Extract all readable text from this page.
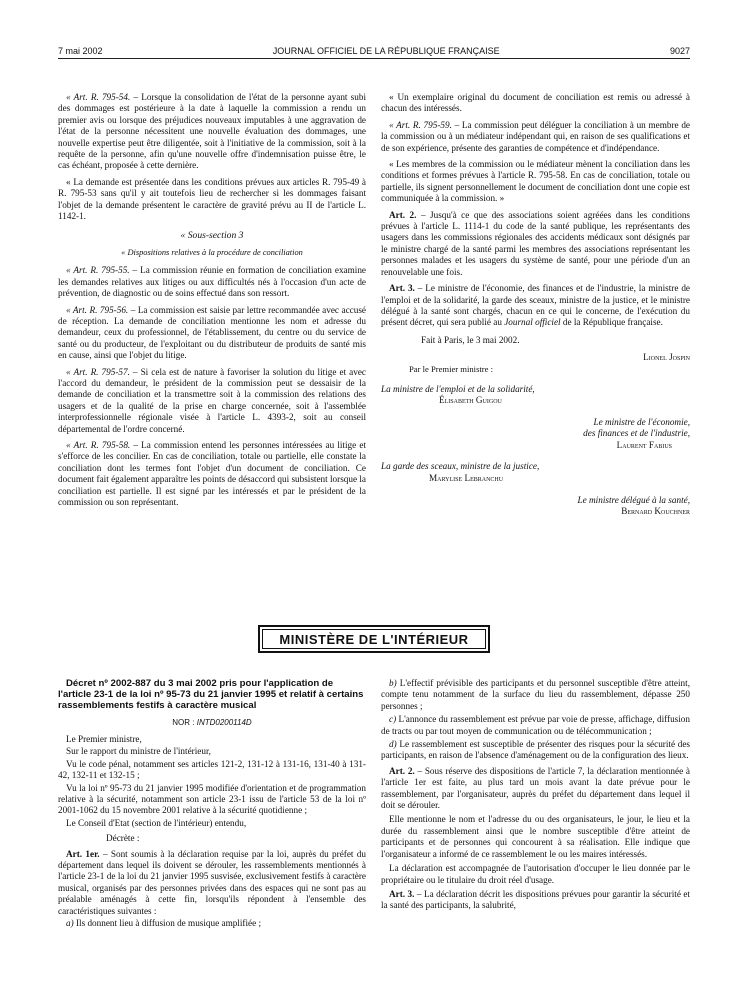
7 mai 2002	JOURNAL OFFICIEL DE LA RÉPUBLIQUE FRANÇAISE	9027

« Art. R. 795-54. – Lorsque la consolidation de l'état de la personne ayant subi des dommages est postérieure à la date à laquelle la commission a rendu un premier avis ou lorsque des préjudices nouveaux imputables à une aggravation de l'état de la personne nécessitent une nouvelle évaluation des dommages, une nouvelle expertise peut être diligentée, soit à l'initiative de la commission, soit à la requête de la personne, afin qu'une nouvelle offre d'indemnisation puisse être, le cas échéant, proposée à cette dernière.

« La demande est présentée dans les conditions prévues aux articles R. 795-49 à R. 795-53 sans qu'il y ait toutefois lieu de rechercher si les dommages faisant l'objet de la demande présentent le caractère de gravité prévu au II de l'article L. 1142-1.

« Sous-section 3

« Dispositions relatives à la procédure de conciliation

« Art. R. 795-55. – La commission réunie en formation de conciliation examine les demandes relatives aux litiges ou aux difficultés nés à l'occasion d'un acte de prévention, de diagnostic ou de soins effectué dans son ressort.

« Art. R. 795-56. – La commission est saisie par lettre recommandée avec accusé de réception. La demande de conciliation mentionne les nom et adresse du demandeur, ceux du professionnel, de l'établissement, du centre ou du service de santé ou du producteur, de l'exploitant ou du distributeur de produits de santé mis en cause, ainsi que l'objet du litige.

« Art. R. 795-57. – Si cela est de nature à favoriser la solution du litige et avec l'accord du demandeur, le président de la commission peut se dessaisir de la demande de conciliation et la transmettre soit à la commission des relations des usagers et de la qualité de la prise en charge concernée, soit à l'assemblée interprofessionnelle régionale visée à l'article L. 4393-2, soit au conseil départemental de l'ordre concerné.

« Art. R. 795-58. – La commission entend les personnes intéressées au litige et s'efforce de les concilier. En cas de conciliation, totale ou partielle, elle constate la conciliation dont les termes font l'objet d'un document de conciliation. Ce document fait également apparaître les points de désaccord qui subsistent lorsque la conciliation est partielle. Il est signé par les intéressés et par le président de la commission ou son représentant.

« Un exemplaire original du document de conciliation est remis ou adressé à chacun des intéressés.

« Art. R. 795-59. – La commission peut déléguer la conciliation à un membre de la commission ou à un médiateur indépendant qui, en raison de ses qualifications et de son expérience, présente des garanties de compétence et d'indépendance.

« Les membres de la commission ou le médiateur mènent la conciliation dans les conditions et formes prévues à l'article R. 795-58. En cas de conciliation, totale ou partielle, ils signent personnellement le document de conciliation dont une copie est communiquée à la commission. »

Art. 2. – Jusqu'à ce que des associations soient agréées dans les conditions prévues à l'article L. 1114-1 du code de la santé publique, les représentants des usagers dans les commissions régionales des accidents médicaux sont désignés par le ministre chargé de la santé parmi les membres des associations représentant les personnes malades et les usagers du système de santé, pour une période d'un an renouvelable une fois.

Art. 3. – Le ministre de l'économie, des finances et de l'industrie, la ministre de l'emploi et de la solidarité, la garde des sceaux, ministre de la justice, et le ministre délégué à la santé sont chargés, chacun en ce qui le concerne, de l'exécution du présent décret, qui sera publié au Journal officiel de la République française.

Fait à Paris, le 3 mai 2002.
Lionel Jospin
Par le Premier ministre :
La ministre de l'emploi et de la solidarité,
Élisabeth Guigou
Le ministre de l'économie,
des finances et de l'industrie,
Laurent Fabius
La garde des sceaux, ministre de la justice,
Marylise Lebranchu
Le ministre délégué à la santé,
Bernard Kouchner
MINISTÈRE DE L'INTÉRIEUR

Décret nº 2002-887 du 3 mai 2002 pris pour l'application de l'article 23-1 de la loi nº 95-73 du 21 janvier 1995 et relatif à certains rassemblements festifs à caractère musical

NOR : INTD0200114D

Le Premier ministre,

Sur le rapport du ministre de l'intérieur,

Vu le code pénal, notamment ses articles 121-2, 131-12 à 131-16, 131-40 à 131-42, 132-11 et 132-15 ;

Vu la loi nº 95-73 du 21 janvier 1995 modifiée d'orientation et de programmation relative à la sécurité, notamment son article 23-1 issu de l'article 53 de la loi nº 2001-1062 du 15 novembre 2001 relative à la sécurité quotidienne ;

Le Conseil d'Etat (section de l'intérieur) entendu,

Décrète :

Art. 1er. – Sont soumis à la déclaration requise par la loi, auprès du préfet du département dans lequel ils doivent se dérouler, les rassemblements mentionnés à l'article 23-1 de la loi du 21 janvier 1995 susvisée, exclusivement festifs à caractère musical, organisés par des personnes privées dans des espaces qui ne sont pas au préalable aménagés à cette fin, lorsqu'ils répondent à l'ensemble des caractéristiques suivantes :

a) Ils donnent lieu à diffusion de musique amplifiée ;

b) L'effectif prévisible des participants et du personnel susceptible d'être atteint, compte tenu notamment de la surface du lieu du rassemblement, dépasse 250 personnes ;

c) L'annonce du rassemblement est prévue par voie de presse, affichage, diffusion de tracts ou par tout moyen de communication ou de télécommunication ;

d) Le rassemblement est susceptible de présenter des risques pour la sécurité des participants, en raison de l'absence d'aménagement ou de la configuration des lieux.

Art. 2. – Sous réserve des dispositions de l'article 7, la déclaration mentionnée à l'article 1er est faite, au plus tard un mois avant la date prévue pour le rassemblement, par l'organisateur, auprès du préfet du département dans lequel il doit se dérouler.

Elle mentionne le nom et l'adresse du ou des organisateurs, le jour, le lieu et la durée du rassemblement ainsi que le nombre susceptible d'être atteint de participants et de personnes qui concourent à sa réalisation. Elle indique que l'organisateur a informé de ce rassemblement le ou les maires intéressés.

La déclaration est accompagnée de l'autorisation d'occuper le lieu donnée par le propriétaire ou le titulaire du droit réel d'usage.

Art. 3. – La déclaration décrit les dispositions prévues pour garantir la sécurité et la santé des participants, la salubrité,
